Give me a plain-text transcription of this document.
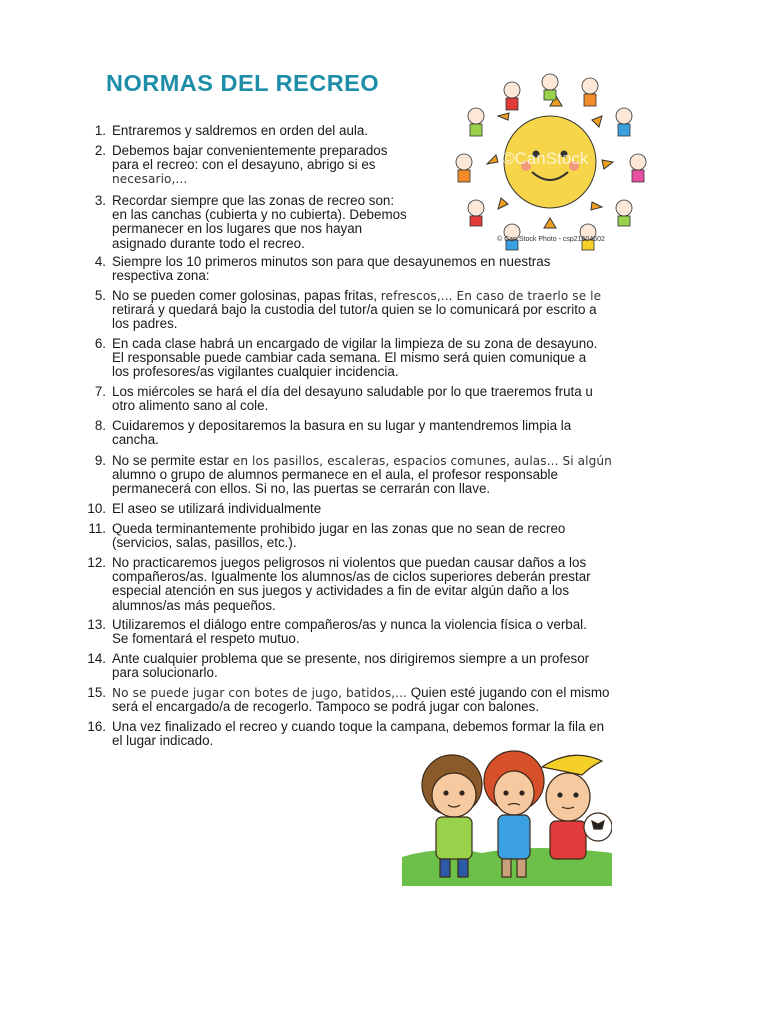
NORMAS DEL RECREO
©CanStock
© Can Stock Photo - csp21604602
1. Entraremos y saldremos en orden del aula.
2. Debemos bajar convenientemente preparados
para el recreo: con el desayuno, abrigo si es
necesario,...
3. Recordar siempre que las zonas de recreo son:
en las canchas (cubierta y no cubierta). Debemos
permanecer en los lugares que nos hayan
asignado durante todo el recreo.
4. Siempre los 10 primeros minutos son para que desayunemos en nuestras
respectiva zona:
5. No se pueden comer golosinas, papas fritas, refrescos,... En caso de traerlo se le
retirará y quedará bajo la custodia del tutor/a quien se lo comunicará por escrito a
los padres.
6. En cada clase habrá un encargado de vigilar la limpieza de su zona de desayuno.
El responsable puede cambiar cada semana. El mismo será quien comunique a
los profesores/as vigilantes cualquier incidencia.
7. Los miércoles se hará el día del desayuno saludable por lo que traeremos fruta u
otro alimento sano al cole.
8. Cuidaremos y depositaremos la basura en su lugar y mantendremos limpia la
cancha.
9. No se permite estar en los pasillos, escaleras, espacios comunes, aulas... Si algún
alumno o grupo de alumnos permanece en el aula, el profesor responsable
permanecerá con ellos. Si no, las puertas se cerrarán con llave.
10. El aseo se utilizará individualmente
11. Queda terminantemente prohibido jugar en las zonas que no sean de recreo
(servicios, salas, pasillos, etc.).
12. No practicaremos juegos peligrosos ni violentos que puedan causar daños a los
compañeros/as. Igualmente los alumnos/as de ciclos superiores deberán prestar
especial atención en sus juegos y actividades a fin de evitar algún daño a los
alumnos/as más pequeños.
13. Utilizaremos el diálogo entre compañeros/as y nunca la violencia física o verbal.
Se fomentará el respeto mutuo.
14. Ante cualquier problema que se presente, nos dirigiremos siempre a un profesor
para solucionarlo.
15. No se puede jugar con botes de jugo, batidos,... Quien esté jugando con el mismo
será el encargado/a de recogerlo. Tampoco se podrá jugar con balones.
16. Una vez finalizado el recreo y cuando toque la campana, debemos formar la fila en
el lugar indicado.
